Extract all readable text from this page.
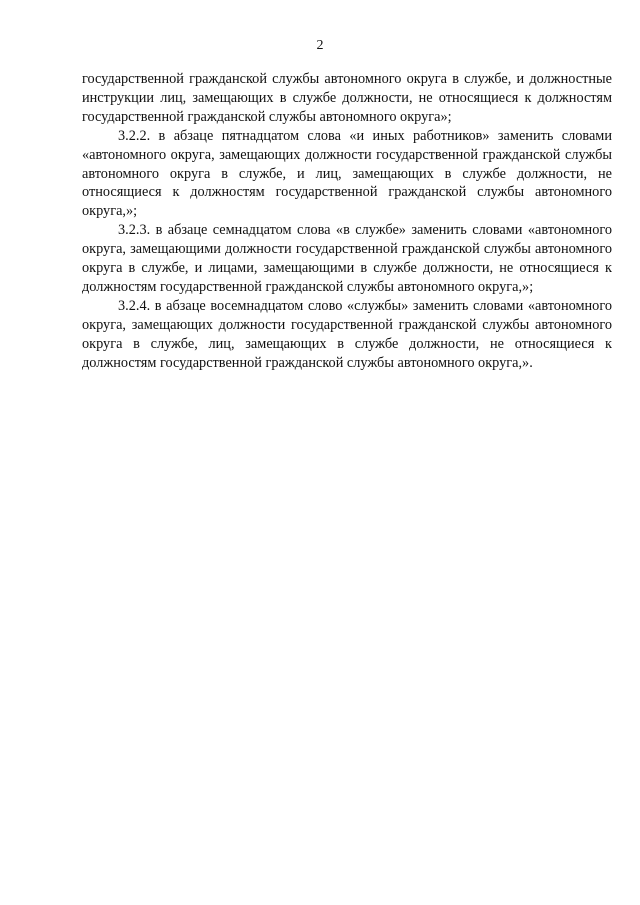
2

государственной гражданской службы автономного округа в службе, и должностные инструкции лиц, замещающих в службе должности, не относящиеся к должностям государственной гражданской службы автономного округа»;

3.2.2. в абзаце пятнадцатом слова «и иных работников» заменить словами «автономного округа, замещающих должности государственной гражданской службы автономного округа в службе, и лиц, замещающих в службе должности, не относящиеся к должностям государственной гражданской службы автономного округа,»;

3.2.3. в абзаце семнадцатом слова «в службе» заменить словами «автономного округа, замещающими должности государственной гражданской службы автономного округа в службе, и лицами, замещающими в службе должности, не относящиеся к должностям государственной гражданской службы автономного округа,»;

3.2.4. в абзаце восемнадцатом слово «службы» заменить словами «автономного округа, замещающих должности государственной гражданской службы автономного округа в службе, лиц, замещающих в службе должности, не относящиеся к должностям государственной гражданской службы автономного округа,».
